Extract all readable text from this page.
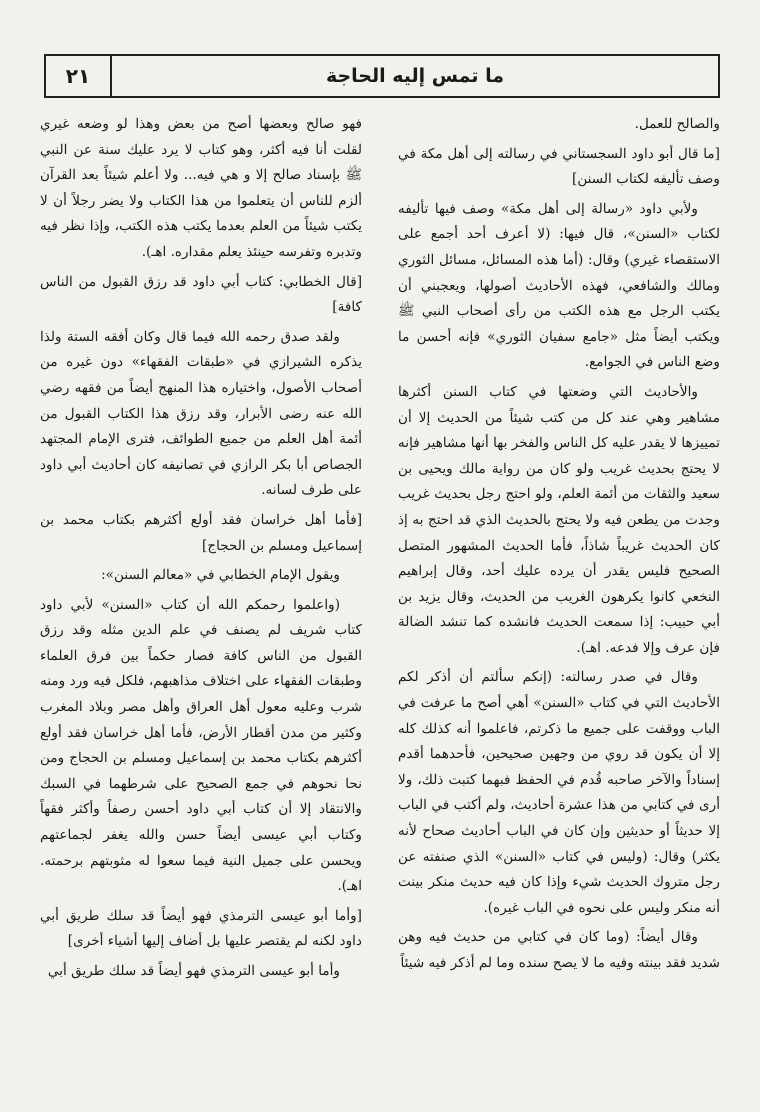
ما تمس إليه الحاجة
٢١

والصالح للعمل.

[ما قال أبو داود السجستاني في رسالته إلى أهل مكة في وصف تأليفه لكتاب السنن]

ولأبي داود «رسالة إلى أهل مكة» وصف فيها تأليفه لكتاب «السنن»، قال فيها: (لا أعرف أحد أجمع على الاستقصاء غيري) وقال: (أما هذه المسائل، مسائل الثوري ومالك والشافعي، فهذه الأحاديث أصولها، ويعجبني أن يكتب الرجل مع هذه الكتب من رأى أصحاب النبي ﷺ ويكتب أيضاً مثل «جامع سفيان الثوري» فإنه أحسن ما وضع الناس في الجوامع.

والأحاديث التي وضعتها في كتاب السنن أكثرها مشاهير وهي عند كل من كتب شيئاً من الحديث إلا أن تمييزها لا يقدر عليه كل الناس والفخر بها أنها مشاهير فإنه لا يحتج بحديث غريب ولو كان من رواية مالك ويحيى بن سعيد والثقات من أئمة العلم، ولو احتج رجل بحديث غريب وجدت من يطعن فيه ولا يحتج بالحديث الذي قد احتج به إذ كان الحديث غريباً شاذاً، فأما الحديث المشهور المتصل الصحيح فليس يقدر أن يرده عليك أحد، وقال إبراهيم النخعي كانوا يكرهون الغريب من الحديث، وقال يزيد بن أبي حبيب: إذا سمعت الحديث فانشده كما تنشد الضالة فإن عرف وإلا فدعه. اهـ).

وقال في صدر رسالته: (إنكم سألتم أن أذكر لكم الأحاديث التي في كتاب «السنن» أهي أصح ما عرفت في الباب ووقفت على جميع ما ذكرتم، فاعلموا أنه كذلك كله إلا أن يكون قد روي من وجهين صحيحين، فأحدهما أقدم إسناداً والآخر صاحبه قُدم في الحفظ فبهما كتبت ذلك، ولا أرى في كتابي من هذا عشرة أحاديث، ولم أكتب في الباب إلا حديثاً أو حديثين وإن كان في الباب أحاديث صحاح لأنه يكثر) وقال: (وليس في كتاب «السنن» الذي صنفته عن رجل متروك الحديث شيء وإذا كان فيه حديث منكر بينت أنه منكر وليس على نحوه في الباب غيره).

وقال أيضاً: (وما كان في كتابي من حديث فيه وهن شديد فقد بينته وفيه ما لا يصح سنده وما لم أذكر فيه شيئاً

فهو صالح وبعضها أصح من بعض وهذا لو وضعه غيري لقلت أنا فيه أكثر، وهو كتاب لا يرد عليك سنة عن النبي ﷺ بإسناد صالح إلا و هي فيه... ولا أعلم شيئاً بعد القرآن ألزم للناس أن يتعلموا من هذا الكتاب ولا يضر رجلاً أن لا يكتب شيئاً من العلم بعدما يكتب هذه الكتب، وإذا نظر فيه وتدبره وتفرسه حينئذ يعلم مقداره. اهـ).

[قال الخطابي: كتاب أبي داود قد رزق القبول من الناس كافة]

ولقد صدق رحمه الله فيما قال وكان أفقه الستة ولذا يذكره الشيرازي في «طبقات الفقهاء» دون غيره من أصحاب الأصول، واختياره هذا المنهج أيضاً من فقهه رضي الله عنه رضى الأبرار، وقد رزق هذا الكتاب القبول من أئمة أهل العلم من جميع الطوائف، فترى الإمام المجتهد الجصاص أبا بكر الرازي في تصانيفه كان أحاديث أبي داود على طرف لسانه.

[فأما أهل خراسان فقد أولع أكثرهم بكتاب محمد بن إسماعيل ومسلم بن الحجاج]

ويقول الإمام الخطابي في «معالم السنن»:

(واعلموا رحمكم الله أن كتاب «السنن» لأبي داود كتاب شريف لم يصنف في علم الدين مثله وقد رزق القبول من الناس كافة فصار حكماً بين فرق العلماء وطبقات الفقهاء على اختلاف مذاهبهم، فلكل فيه ورد ومنه شرب وعليه معول أهل العراق وأهل مصر وبلاد المغرب وكثير من مدن أقطار الأرض، فأما أهل خراسان فقد أولع أكثرهم بكتاب محمد بن إسماعيل ومسلم بن الحجاج ومن نحا نحوهم في جمع الصحيح على شرطهما في السبك والانتقاد إلا أن كتاب أبي داود أحسن رصفاً وأكثر فقهاً وكتاب أبي عيسى أيضاً حسن والله يغفر لجماعتهم ويحسن على جميل النية فيما سعوا له مثوبتهم برحمته. اهـ).

[وأما أبو عيسى الترمذي فهو أيضاً قد سلك طريق أبي داود لكنه لم يقتصر عليها بل أضاف إليها أشياء أخرى]

وأما أبو عيسى الترمذي فهو أيضاً قد سلك طريق أبي
